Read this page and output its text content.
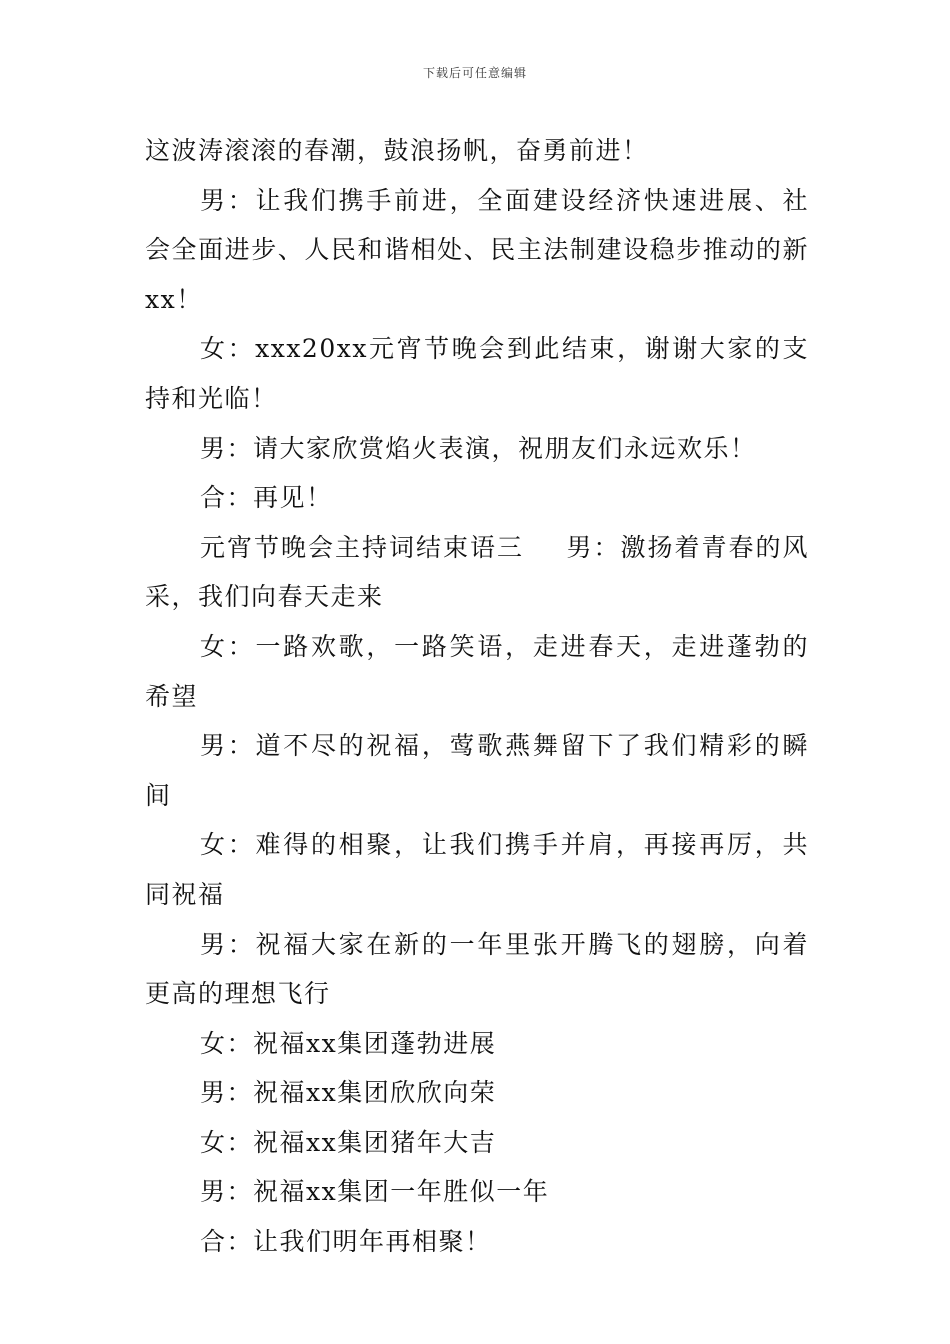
下载后可任意编辑

这波涛滚滚的春潮，鼓浪扬帆，奋勇前进！

男：让我们携手前进，全面建设经济快速进展、社会全面进步、人民和谐相处、民主法制建设稳步推动的新xx！

女：xxx20xx元宵节晚会到此结束，谢谢大家的支持和光临！

男：请大家欣赏焰火表演，祝朋友们永远欢乐！

合：再见！

元宵节晚会主持词结束语三 男：激扬着青春的风采，我们向春天走来

女：一路欢歌，一路笑语，走进春天，走进蓬勃的希望

男：道不尽的祝福，莺歌燕舞留下了我们精彩的瞬间

女：难得的相聚，让我们携手并肩，再接再厉，共同祝福

男：祝福大家在新的一年里张开腾飞的翅膀，向着更高的理想飞行

女：祝福xx集团蓬勃进展

男：祝福xx集团欣欣向荣

女：祝福xx集团猪年大吉

男：祝福xx集团一年胜似一年

合：让我们明年再相聚！
